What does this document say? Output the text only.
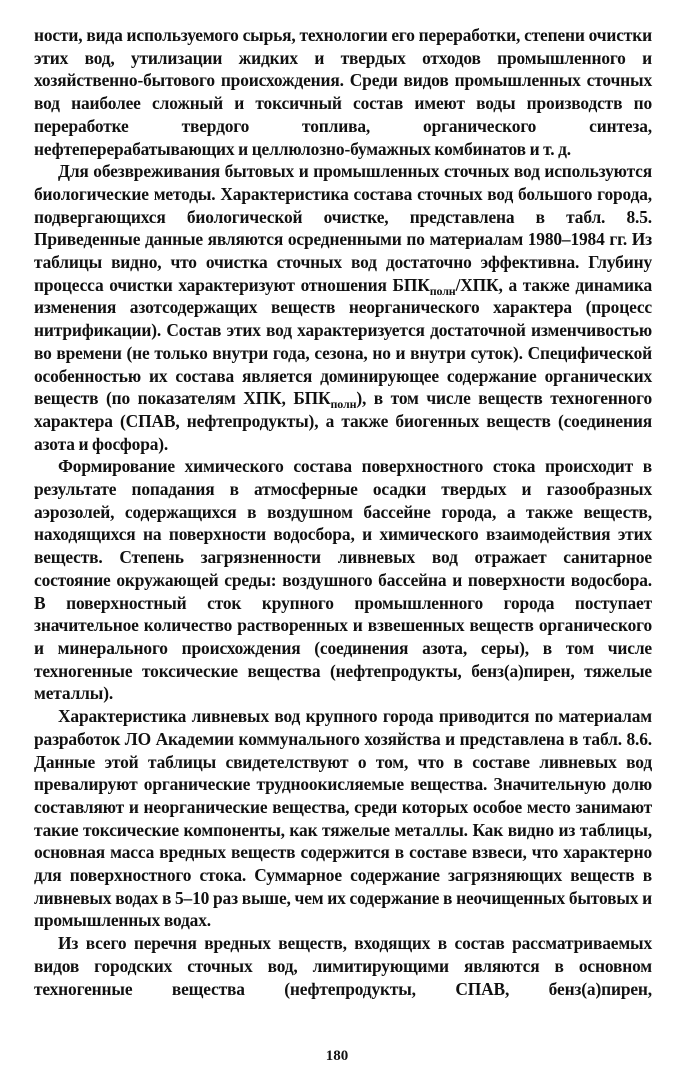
ности, вида используемого сырья, технологии его переработки, степени очистки этих вод, утилизации жидких и твердых отходов промышленного и хозяйственно-бытового происхождения. Среди видов промышленных сточных вод наиболее сложный и токсичный состав имеют воды производств по переработке твердого топлива, органического синтеза, нефтеперерабатывающих и целлюлозно-бумажных комбинатов и т. д.

Для обезвреживания бытовых и промышленных сточных вод используются биологические методы. Характеристика состава сточных вод большого города, подвергающихся биологической очистке, представлена в табл. 8.5. Приведенные данные являются осредненными по материалам 1980–1984 гг. Из таблицы видно, что очистка сточных вод достаточно эффективна. Глубину процесса очистки характеризуют отношения $БПК_{полн}$/ХПК, а также динамика изменения азотсодержащих веществ неорганического характера (процесс нитрификации). Состав этих вод характеризуется достаточной изменчивостью во времени (не только внутри года, сезона, но и внутри суток). Специфической особенностью их состава является доминирующее содержание органических веществ (по показателям ХПК, $БПК_{полн}$), в том числе веществ техногенного характера (СПАВ, нефтепродукты), а также биогенных веществ (соединения азота и фосфора).

Формирование химического состава поверхностного стока происходит в результате попадания в атмосферные осадки твердых и газообразных аэрозолей, содержащихся в воздушном бассейне города, а также веществ, находящихся на поверхности водосбора, и химического взаимодействия этих веществ. Степень загрязненности ливневых вод отражает санитарное состояние окружающей среды: воздушного бассейна и поверхности водосбора. В поверхностный сток крупного промышленного города поступает значительное количество растворенных и взвешенных веществ органического и минерального происхождения (соединения азота, серы), в том числе техногенные токсические вещества (нефтепродукты, бенз(а)пирен, тяжелые металлы).

Характеристика ливневых вод крупного города приводится по материалам разработок ЛО Академии коммунального хозяйства и представлена в табл. 8.6. Данные этой таблицы свидетелствуют о том, что в составе ливневых вод превалируют органические трудноокисляемые вещества. Значительную долю составляют и неорганические вещества, среди которых особое место занимают такие токсические компоненты, как тяжелые металлы. Как видно из таблицы, основная масса вредных веществ содержится в составе взвеси, что характерно для поверхностного стока. Суммарное содержание загрязняющих веществ в ливневых водах в 5–10 раз выше, чем их содержание в неочищенных бытовых и промышленных водах.

Из всего перечня вредных веществ, входящих в состав рассматриваемых видов городских сточных вод, лимитирующими являются в основном техногенные вещества (нефтепродукты, СПАВ, бенз(а)пирен,

180
